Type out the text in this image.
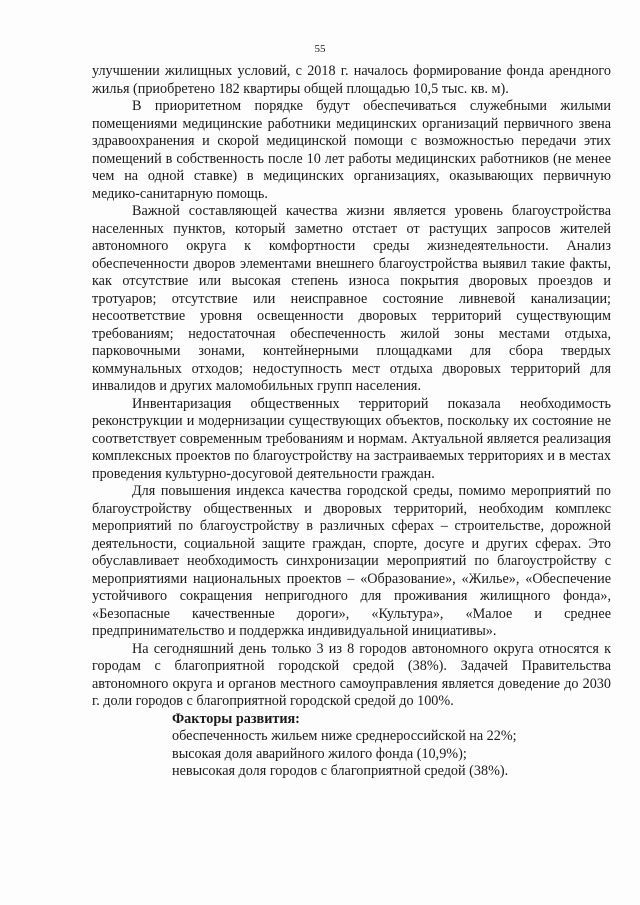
55

улучшении жилищных условий, с 2018 г. началось формирование фонда арендного жилья (приобретено 182 квартиры общей площадью 10,5 тыс. кв. м).

В приоритетном порядке будут обеспечиваться служебными жилыми помещениями медицинские работники медицинских организаций первичного звена здравоохранения и скорой медицинской помощи с возможностью передачи этих помещений в собственность после 10 лет работы медицинских работников (не менее чем на одной ставке) в медицинских организациях, оказывающих первичную медико-санитарную помощь.

Важной составляющей качества жизни является уровень благоустройства населенных пунктов, который заметно отстает от растущих запросов жителей автономного округа к комфортности среды жизнедеятельности. Анализ обеспеченности дворов элементами внешнего благоустройства выявил такие факты, как отсутствие или высокая степень износа покрытия дворовых проездов и тротуаров; отсутствие или неисправное состояние ливневой канализации; несоответствие уровня освещенности дворовых территорий существующим требованиям; недостаточная обеспеченность жилой зоны местами отдыха, парковочными зонами, контейнерными площадками для сбора твердых коммунальных отходов; недоступность мест отдыха дворовых территорий для инвалидов и других маломобильных групп населения.

Инвентаризация общественных территорий показала необходимость реконструкции и модернизации существующих объектов, поскольку их состояние не соответствует современным требованиям и нормам. Актуальной является реализация комплексных проектов по благоустройству на застраиваемых территориях и в местах проведения культурно-досуговой деятельности граждан.

Для повышения индекса качества городской среды, помимо мероприятий по благоустройству общественных и дворовых территорий, необходим комплекс мероприятий по благоустройству в различных сферах – строительстве, дорожной деятельности, социальной защите граждан, спорте, досуге и других сферах. Это обуславливает необходимость синхронизации мероприятий по благоустройству с мероприятиями национальных проектов – «Образование», «Жилье», «Обеспечение устойчивого сокращения непригодного для проживания жилищного фонда», «Безопасные качественные дороги», «Культура», «Малое и среднее предпринимательство и поддержка индивидуальной инициативы».

На сегодняшний день только 3 из 8 городов автономного округа относятся к городам с благоприятной городской средой (38%). Задачей Правительства автономного округа и органов местного самоуправления является доведение до 2030 г. доли городов с благоприятной городской средой до 100%.

Факторы развития:

обеспеченность жильем ниже среднероссийской на 22%;

высокая доля аварийного жилого фонда (10,9%);

невысокая доля городов с благоприятной средой (38%).
